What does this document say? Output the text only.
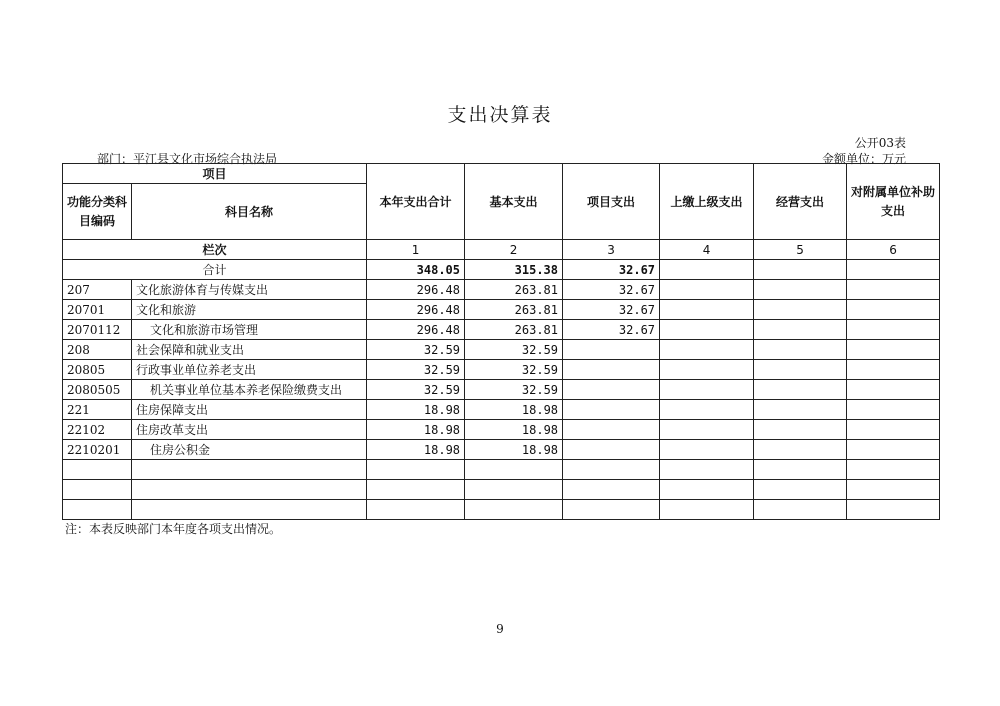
支出决算表
公开03表
部门：平江县文化市场综合执法局	金额单位：万元
项目		本年支出合计	基本支出	项目支出	上缴上级支出	经营支出	对附属单位补助支出
功能分类科目编码	科目名称						
栏次		1	2	3	4	5	6
合计		348.05	315.38	32.67			
207	文化旅游体育与传媒支出	296.48	263.81	32.67			
20701	文化和旅游	296.48	263.81	32.67			
2070112	文化和旅游市场管理	296.48	263.81	32.67			
208	社会保障和就业支出	32.59	32.59				
20805	行政事业单位养老支出	32.59	32.59				
2080505	机关事业单位基本养老保险缴费支出	32.59	32.59				
221	住房保障支出	18.98	18.98				
22102	住房改革支出	18.98	18.98				
2210201	住房公积金	18.98	18.98				

注：本表反映部门本年度各项支出情况。
9
